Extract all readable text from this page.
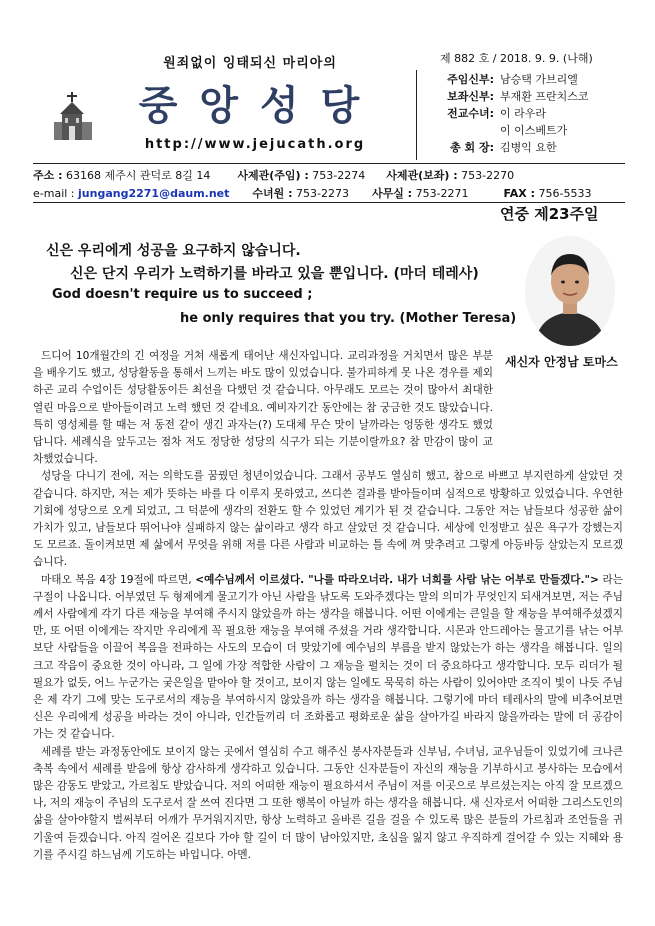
원죄없이 잉태되신 마리아의
중앙성당
http://www.jejucath.org
제 882 호 / 2018. 9. 9. (나해)
주임신부: 남승택 가브리엘
보좌신부: 부재환 프란치스코
전교수녀: 이 라우라
이 이스베트가
총 회 장: 김병익 요한
주소 : 63168 제주시 관덕로 8길 14 사제관(주임) : 753-2274 사제관(보좌) : 753-2270
e-mail : jungang2271@daum.net 수녀원 : 753-2273 사무실 : 753-2271	FAX : 756-5533
연중 제23주일
신은 우리에게 성공을 요구하지 않습니다.
신은 단지 우리가 노력하기를 바라고 있을 뿐입니다. (마더 테레사)
God doesn't require us to succeed ;
he only requires that you try. (Mother Teresa)
새신자 안정남 토마스

드디어 10개월간의 긴 여정을 거쳐 새롭게 태어난 새신자입니다. 교리과정을 거치면서 많은 부분을 배우기도 했고, 성당활동을 통해서 느끼는 바도 많이 있었습니다. 불가피하게 못 나온 경우를 제외하곤 교리 수업이든 성당활동이든 최선을 다했던 것 같습니다. 아무래도 모르는 것이 많아서 최대한 열린 마음으로 받아들이려고 노력 했던 것 같네요. 예비자기간 동안에는 참 궁금한 것도 많았습니다. 특히 영성체를 할 때는 저 동전 같이 생긴 과자는(?) 도대체 무슨 맛이 날까라는 엉뚱한 생각도 했었답니다. 세례식을 앞두고는 점차 저도 정당한 성당의 식구가 되는 기분이랄까요? 참 만감이 많이 교차했었습니다.

성당을 다니기 전에, 저는 의학도를 꿈꿨던 청년이었습니다. 그래서 공부도 열심히 했고, 참으로 바쁘고 부지런하게 살았던 것 같습니다. 하지만, 저는 제가 뜻하는 바를 다 이루지 못하였고, 쓰디쓴 결과를 받아들이며 심적으로 방황하고 있었습니다. 우연한 기회에 성당으로 오게 되었고, 그 덕분에 생각의 전환도 할 수 있었던 계기가 된 것 같습니다. 그동안 저는 남들보다 성공한 삶이 가치가 있고, 남들보다 뛰어나야 실패하지 않는 삶이라고 생각 하고 살았던 것 같습니다. 세상에 인정받고 싶은 욕구가 강했는지도 모르죠. 돌이켜보면 제 삶에서 무엇을 위해 저를 다른 사람과 비교하는 틀 속에 껴 맞추려고 그렇게 아등바등 살았는지 모르겠습니다.

마태오 복음 4장 19절에 따르면, <예수님께서 이르셨다. "나를 따라오너라. 내가 너희를 사람 낚는 어부로 만들겠다."> 라는 구절이 나옵니다. 어부였던 두 형제에게 물고기가 아닌 사람을 낚도록 도와주겠다는 말의 의미가 무엇인지 되새겨보면, 저는 주님께서 사람에게 각기 다른 재능을 부여해 주시지 않았을까 하는 생각을 해봅니다. 어떤 이에게는 큰일을 할 재능을 부여해주셨겠지만, 또 어떤 이에게는 작지만 우리에게 꼭 필요한 재능을 부여해 주셨을 거라 생각합니다. 시몬과 안드레아는 물고기를 낚는 어부보단 사람들을 이끌어 복음을 전파하는 사도의 모습이 더 맞았기에 예수님의 부름을 받지 않았는가 하는 생각을 해봅니다. 일의 크고 작음이 중요한 것이 아니라, 그 일에 가장 적합한 사람이 그 재능을 펼치는 것이 더 중요하다고 생각합니다. 모두 리더가 될 필요가 없듯, 어느 누군가는 궂은일을 맡아야 할 것이고, 보이지 않는 일에도 묵묵히 하는 사람이 있어야만 조직이 빛이 나듯 주님은 제 각기 그에 맞는 도구로서의 재능을 부여하시지 않았을까 하는 생각을 해봅니다. 그렇기에 마더 테레사의 말에 비추어보면 신은 우리에게 성공을 바라는 것이 아니라, 인간들끼리 더 조화롭고 평화로운 삶을 살아가길 바라지 않을까라는 말에 더 공감이 가는 것 같습니다.

세례를 받는 과정동안에도 보이지 않는 곳에서 열심히 수고 해주신 봉사자분들과 신부님, 수녀님, 교우님들이 있었기에 크나큰 축복 속에서 세례를 받음에 항상 감사하게 생각하고 있습니다. 그동안 신자분들이 자신의 재능을 기부하시고 봉사하는 모습에서 많은 감동도 받았고, 가르침도 받았습니다. 저의 어떠한 재능이 필요하셔서 주님이 저를 이곳으로 부르셨는지는 아직 잘 모르겠으나, 저의 재능이 주님의 도구로서 잘 쓰여 진다면 그 또한 행복이 아닐까 하는 생각을 해봅니다. 새 신자로서 어떠한 그리스도인의 삶을 살아야할지 벌써부터 어깨가 무거워지지만, 항상 노력하고 올바른 길을 걸을 수 있도록 많은 분들의 가르침과 조언들을 귀 기울여 듣겠습니다. 아직 걸어온 길보다 가야 할 길이 더 많이 남아있지만, 초심을 잃지 않고 우직하게 걸어갈 수 있는 지혜와 용기를 주시길 하느님께 기도하는 바입니다. 아멘.
